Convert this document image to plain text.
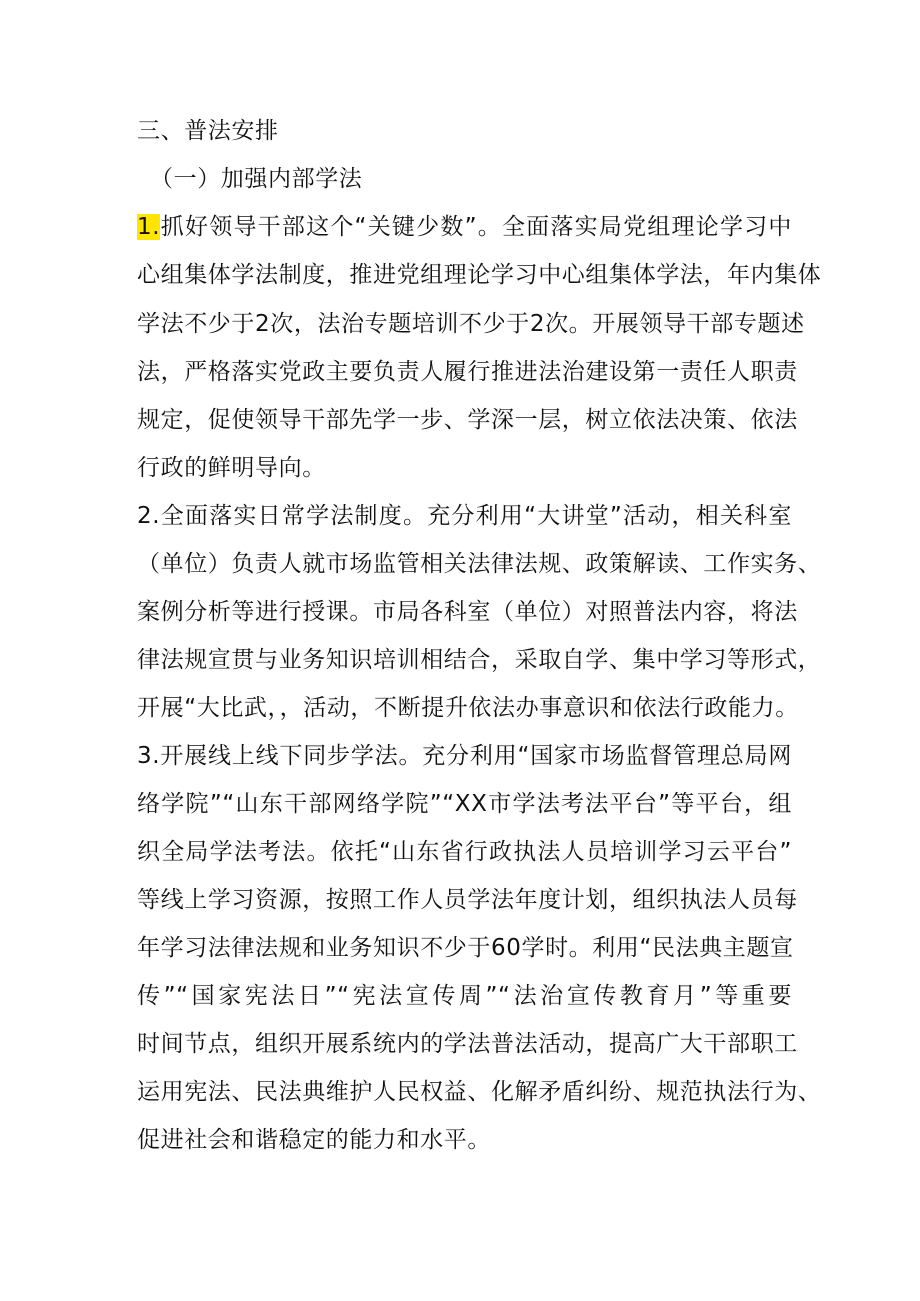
三、普法安排
（一）加强内部学法
1.抓好领导干部这个“关键少数”。全面落实局党组理论学习中
心组集体学法制度，推进党组理论学习中心组集体学法，年内集体
学法不少于2次，法治专题培训不少于2次。开展领导干部专题述
法，严格落实党政主要负责人履行推进法治建设第一责任人职责
规定，促使领导干部先学一步、学深一层，树立依法决策、依法
行政的鲜明导向。
2.全面落实日常学法制度。充分利用“大讲堂”活动，相关科室
（单位）负责人就市场监管相关法律法规、政策解读、工作实务、
案例分析等进行授课。市局各科室（单位）对照普法内容，将法
律法规宣贯与业务知识培训相结合，采取自学、集中学习等形式，
开展“大比武，，活动，不断提升依法办事意识和依法行政能力。
3.开展线上线下同步学法。充分利用“国家市场监督管理总局网
络学院”“山东干部网络学院”“XX市学法考法平台”等平台，组
织全局学法考法。依托“山东省行政执法人员培训学习云平台”
等线上学习资源，按照工作人员学法年度计划，组织执法人员每
年学习法律法规和业务知识不少于60学时。利用“民法典主题宣
传”“国家宪法日”“宪法宣传周”“法治宣传教育月”等重要
时间节点，组织开展系统内的学法普法活动，提高广大干部职工
运用宪法、民法典维护人民权益、化解矛盾纠纷、规范执法行为、
促进社会和谐稳定的能力和水平。
